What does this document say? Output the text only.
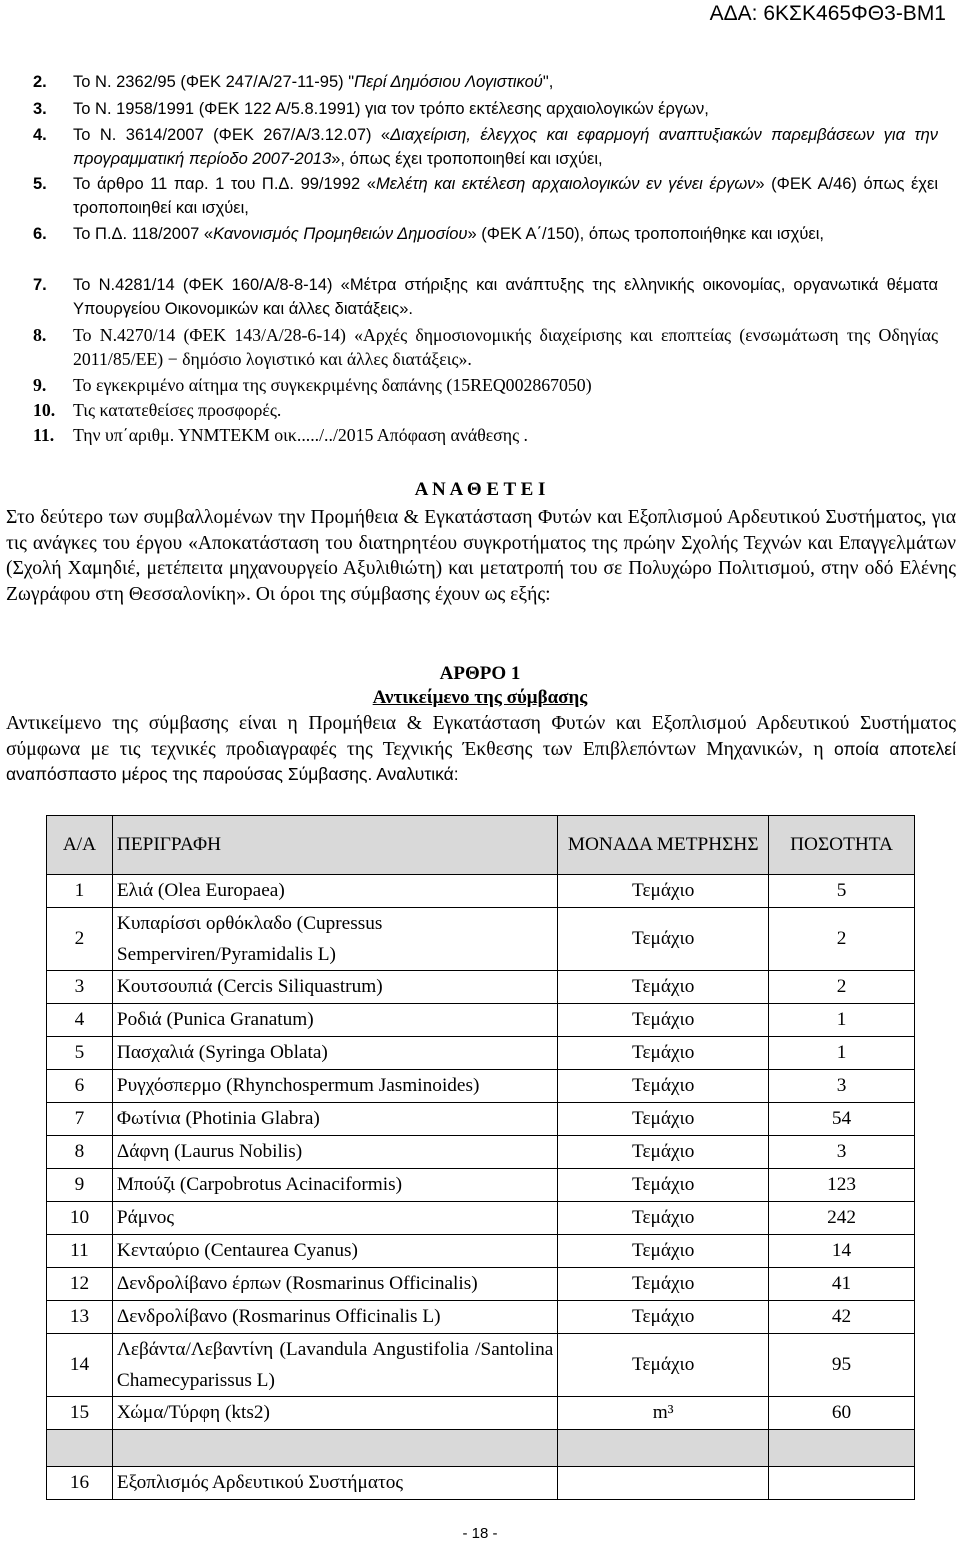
ΑΔΑ: 6ΚΣΚ465ΦΘ3-ΒΜ1
2. Το Ν. 2362/95 (ΦΕΚ 247/Α/27-11-95) "Περί Δημόσιου Λογιστικού",
3. Το Ν. 1958/1991 (ΦΕΚ 122 Α/5.8.1991) για τον τρόπο εκτέλεσης αρχαιολογικών έργων,
4. Το Ν. 3614/2007 (ΦΕΚ 267/Α/3.12.07) «Διαχείριση, έλεγχος και εφαρμογή αναπτυξιακών παρεμβάσεων για την προγραμματική περίοδο 2007-2013», όπως έχει τροποποιηθεί και ισχύει,
5. Το άρθρο 11 παρ. 1 του Π.Δ. 99/1992 «Μελέτη και εκτέλεση αρχαιολογικών εν γένει έργων» (ΦΕΚ Α/46) όπως έχει τροποποιηθεί και ισχύει,
6. Το Π.Δ. 118/2007 «Κανονισμός Προμηθειών Δημοσίου» (ΦΕΚ Α΄/150), όπως τροποποιήθηκε και ισχύει,
7. Το Ν.4281/14 (ΦΕΚ 160/Α/8-8-14) «Μέτρα στήριξης και ανάπτυξης της ελληνικής οικονομίας, οργανωτικά θέματα Υπουργείου Οικονομικών και άλλες διατάξεις».
8. Το Ν.4270/14 (ΦΕΚ 143/Α/28-6-14) «Αρχές δημοσιονομικής διαχείρισης και εποπτείας (ενσωμάτωση της Οδηγίας 2011/85/ΕΕ) − δημόσιο λογιστικό και άλλες διατάξεις».
9. Το εγκεκριμένο αίτημα της συγκεκριμένης δαπάνης (15REQ002867050)
10. Τις κατατεθείσες προσφορές.
11. Την υπ΄αριθμ. ΥΝΜΤΕΚΜ οικ...../../2015 Απόφαση ανάθεσης .
Α Ν Α Θ Ε Τ Ε Ι
Στο δεύτερο των συμβαλλομένων την Προμήθεια & Εγκατάσταση Φυτών και Εξοπλισμού Αρδευτικού Συστήματος, για τις ανάγκες του έργου «Αποκατάσταση του διατηρητέου συγκροτήματος της πρώην Σχολής Τεχνών και Επαγγελμάτων (Σχολή Χαμηδιέ, μετέπειτα μηχανουργείο Αξυλιθιώτη) και μετατροπή του σε Πολυχώρο Πολιτισμού, στην οδό Ελένης Ζωγράφου στη Θεσσαλονίκη». Οι όροι της σύμβασης έχουν ως εξής:
ΑΡΘΡΟ 1
Αντικείμενο της σύμβασης
Αντικείμενο της σύμβασης είναι η Προμήθεια & Εγκατάσταση Φυτών και Εξοπλισμού Αρδευτικού Συστήματος σύμφωνα με τις τεχνικές προδιαγραφές της Τεχνικής Έκθεσης των Επιβλεπόντων Μηχανικών, η οποία αποτελεί αναπόσπαστο μέρος της παρούσας Σύμβασης. Αναλυτικά:
Α/Α	ΠΕΡΙΓΡΑΦΗ	ΜΟΝΑΔΑ ΜΕΤΡΗΣΗΣ	ΠΟΣΟΤΗΤΑ
1	Ελιά (Olea Europaea)	Τεμάχιο	5
2	Κυπαρίσσι ορθόκλαδο (Cupressus Semperviren/Pyramidalis L)	Τεμάχιο	2
3	Κουτσουπιά (Cercis Siliquastrum)	Τεμάχιο	2
4	Ροδιά (Punica Granatum)	Τεμάχιο	1
5	Πασχαλιά (Syringa Oblata)	Τεμάχιο	1
6	Ρυγχόσπερμο (Rhynchospermum Jasminoides)	Τεμάχιο	3
7	Φωτίνια (Photinia Glabra)	Τεμάχιο	54
8	Δάφνη (Laurus Nobilis)	Τεμάχιο	3
9	Μπούζι (Carpobrotus Acinaciformis)	Τεμάχιο	123
10	Ράμνος	Τεμάχιο	242
11	Κενταύριο (Centaurea Cyanus)	Τεμάχιο	14
12	Δενδρολίβανο έρπων (Rosmarinus Officinalis)	Τεμάχιο	41
13	Δενδρολίβανο (Rosmarinus Officinalis L)	Τεμάχιο	42
14	Λεβάντα/Λεβαντίνη (Lavandula Angustifolia /Santolina Chamecyparissus L)	Τεμάχιο	95
15	Χώμα/Τύρφη (kts2)	m³	60

16	Εξοπλισμός Αρδευτικού Συστήματος		
- 18 -
